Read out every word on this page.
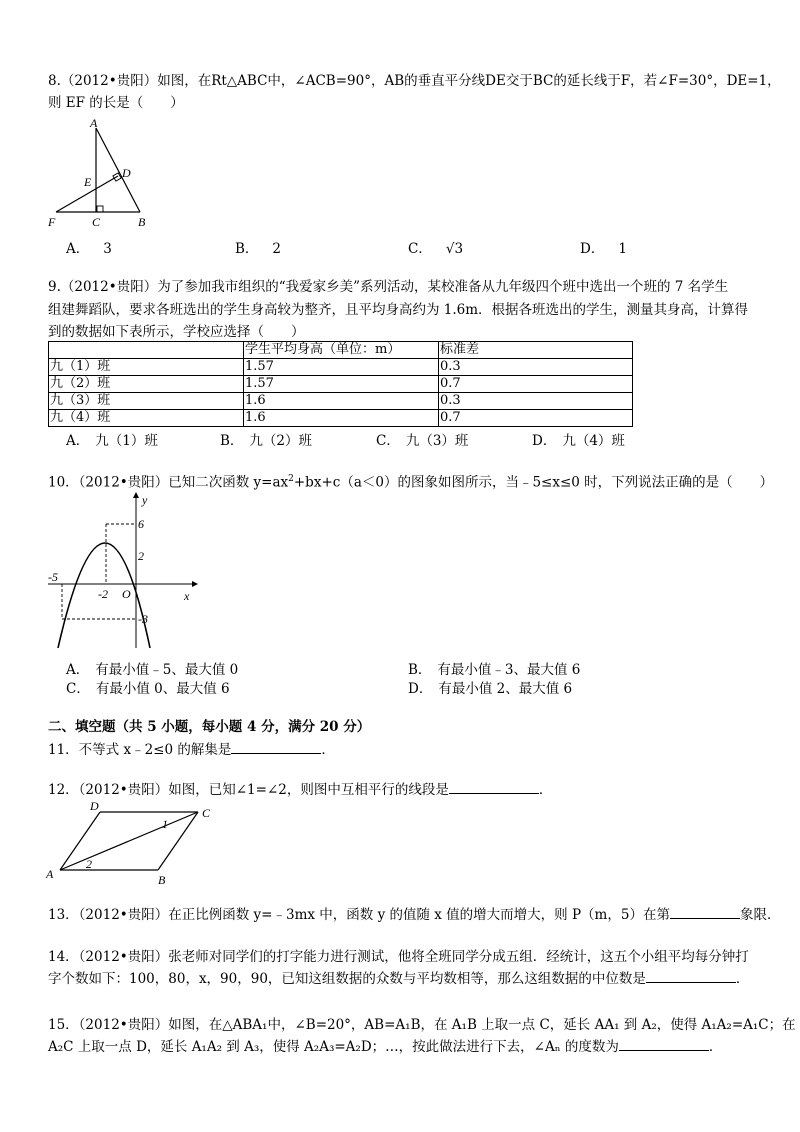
8.（2012•贵阳）如图，在Rt△ABC中，∠ACB=90°，AB的垂直平分线DE交于BC的延长线于F，若∠F=30°，DE=1，
则 EF 的长是（　　）
A
D
E
F	C	B
A． 3	B． 2	C． √3	D． 1
9.（2012•贵阳）为了参加我市组织的“我爱家乡美”系列活动，某校准备从九年级四个班中选出一个班的 7 名学生
组建舞蹈队，要求各班选出的学生身高较为整齐，且平均身高约为 1.6m．根据各班选出的学生，测量其身高，计算得
到的数据如下表所示，学校应选择（　　）
	学生平均身高（单位：m）	标准差
九（1）班	1.57	0.3
九（2）班	1.57	0.7
九（3）班	1.6	0.3
九（4）班	1.6	0.7
A． 九（1）班	B． 九（2）班	C． 九（3）班	D． 九（4）班
10．（2012•贵阳）已知二次函数 $y=ax^2+bx+c(a<0)$的图象如图所示，当﹣5≤x≤0 时，下列说法正确的是（　　）
y
x
O
6
2
-5
-2
-3
A． 有最小值﹣5、最大值 0	B． 有最小值﹣3、最大值 6
C． 有最小值 0、最大值 6	D． 有最小值 2、最大值 6
二、填空题（共 5 小题，每小题 4 分，满分 20 分）
11．不等式 x﹣2≤0 的解集是	．
12．（2012•贵阳）如图，已知∠1=∠2，则图中互相平行的线段是	．
D	C
A	B
1
2
13．（2012•贵阳）在正比例函数 y=﹣3mx 中，函数 y 的值随 x 值的增大而增大，则 P（m，5）在第	象限．
14．（2012•贵阳）张老师对同学们的打字能力进行测试，他将全班同学分成五组．经统计，这五个小组平均每分钟打
字个数如下：100，80，x，90，90，已知这组数据的众数与平均数相等，那么这组数据的中位数是	．
15．（2012•贵阳）如图，在△ABA₁中，∠B=20°，AB=A₁B，在 A₁B 上取一点 C，延长 AA₁ 到 A₂，使得 A₁A₂=A₁C；在
A₂C 上取一点 D，延长 A₁A₂ 到 A₃，使得 A₂A₃=A₂D；…，按此做法进行下去，∠Aₙ 的度数为	．
